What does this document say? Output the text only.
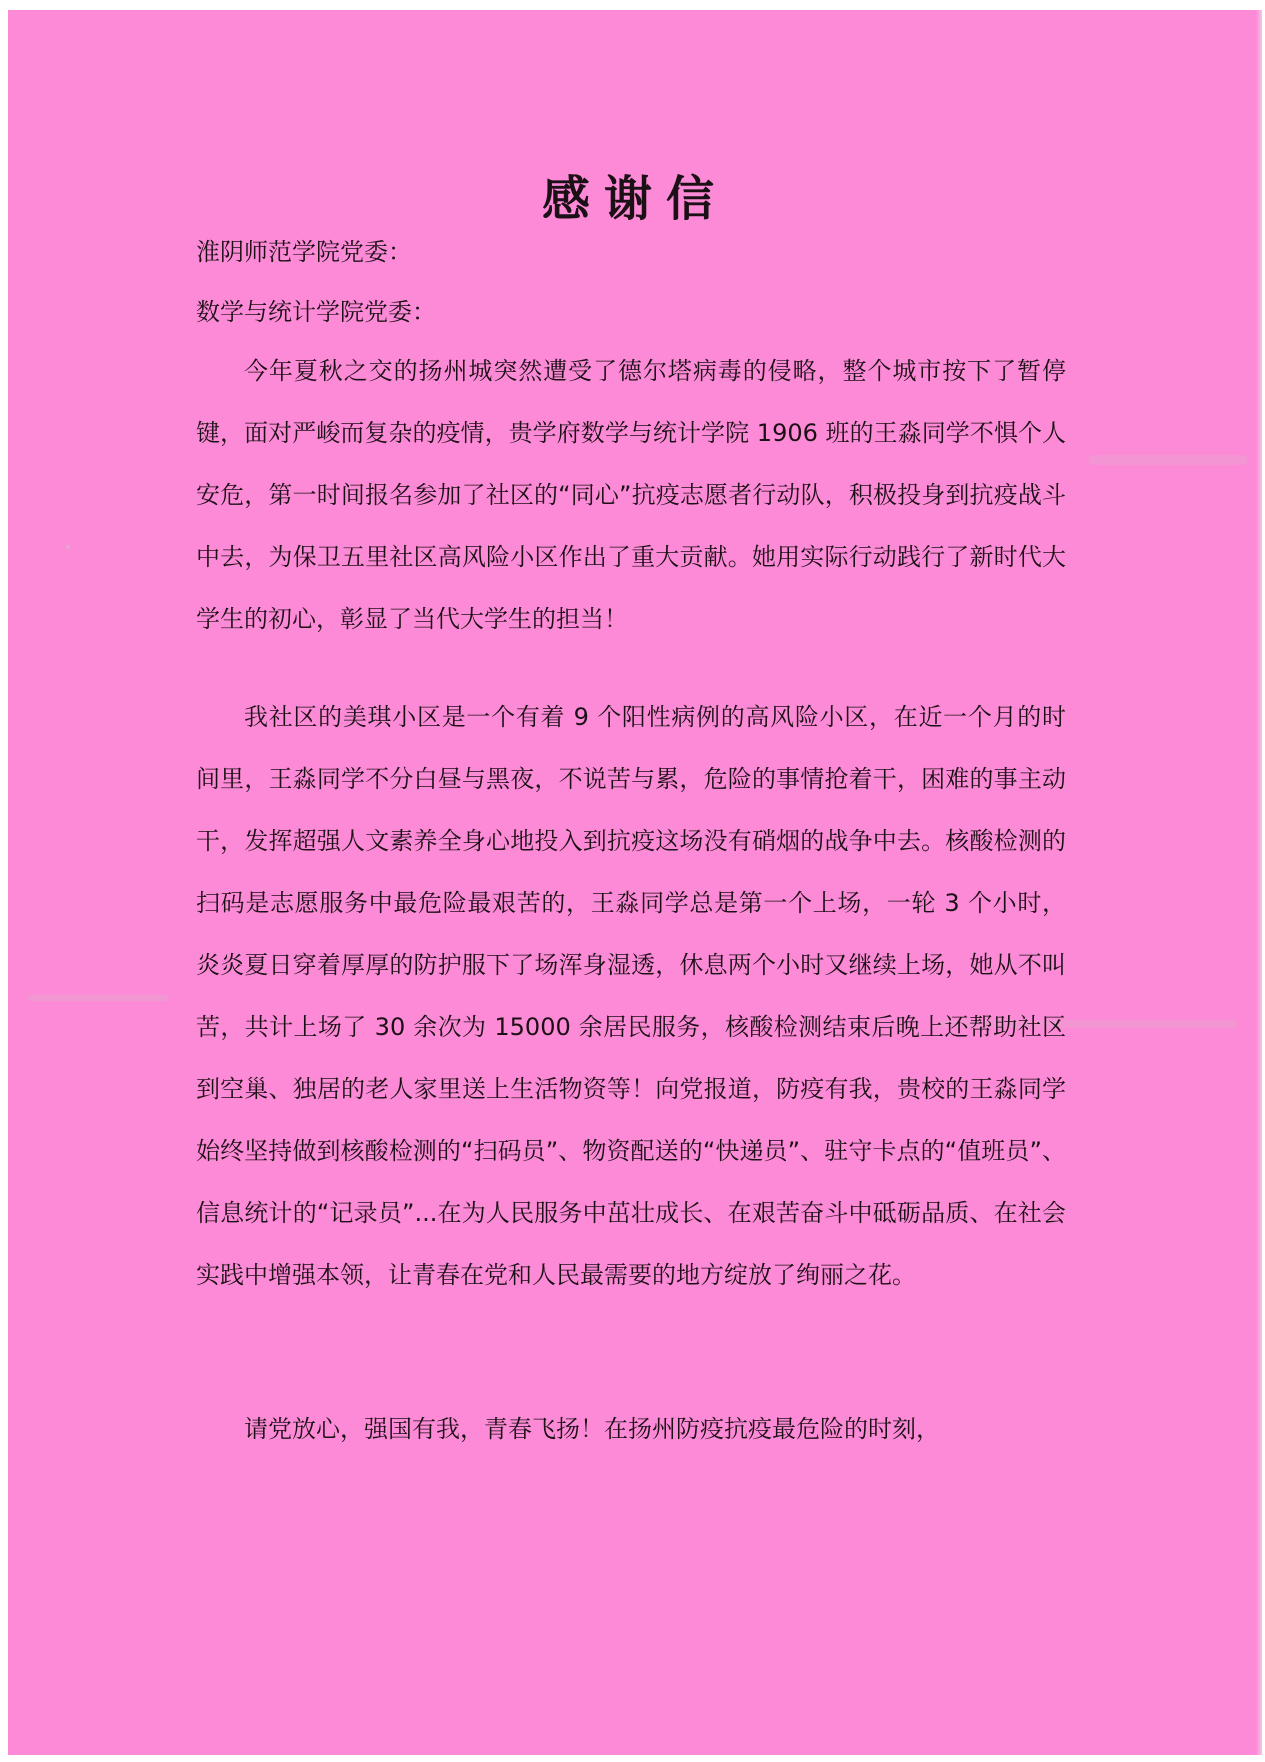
感谢信

淮阴师范学院党委：

数学与统计学院党委：

今年夏秋之交的扬州城突然遭受了德尔塔病毒的侵略，整个城市按下了暂停键，面对严峻而复杂的疫情，贵学府数学与统计学院 1906 班的王淼同学不惧个人安危，第一时间报名参加了社区的“同心”抗疫志愿者行动队，积极投身到抗疫战斗中去，为保卫五里社区高风险小区作出了重大贡献。她用实际行动践行了新时代大学生的初心，彰显了当代大学生的担当！

我社区的美琪小区是一个有着 9 个阳性病例的高风险小区，在近一个月的时间里，王淼同学不分白昼与黑夜，不说苦与累，危险的事情抢着干，困难的事主动干，发挥超强人文素养全身心地投入到抗疫这场没有硝烟的战争中去。核酸检测的扫码是志愿服务中最危险最艰苦的，王淼同学总是第一个上场，一轮 3 个小时，炎炎夏日穿着厚厚的防护服下了场浑身湿透，休息两个小时又继续上场，她从不叫苦，共计上场了 30 余次为 15000 余居民服务，核酸检测结束后晚上还帮助社区到空巢、独居的老人家里送上生活物资等！向党报道，防疫有我，贵校的王淼同学始终坚持做到核酸检测的“扫码员”、物资配送的“快递员”、驻守卡点的“值班员”、信息统计的“记录员”...在为人民服务中茁壮成长、在艰苦奋斗中砥砺品质、在社会实践中增强本领，让青春在党和人民最需要的地方绽放了绚丽之花。

请党放心，强国有我，青春飞扬！在扬州防疫抗疫最危险的时刻，
